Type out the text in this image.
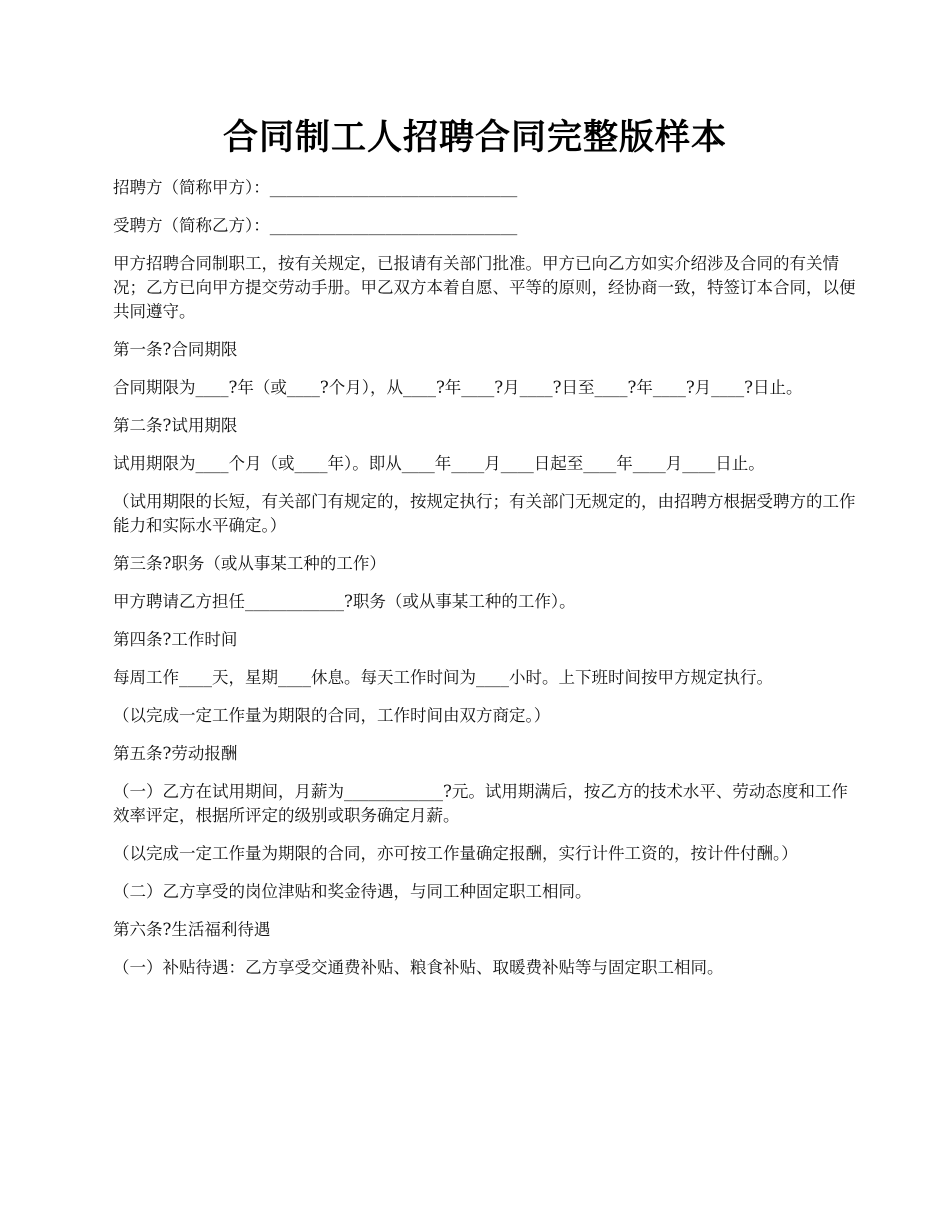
合同制工人招聘合同完整版样本

招聘方（简称甲方）：______________________________

受聘方（简称乙方）：______________________________

甲方招聘合同制职工，按有关规定，已报请有关部门批准。甲方已向乙方如实介绍涉及合同的有关情况；乙方已向甲方提交劳动手册。甲乙双方本着自愿、平等的原则，经协商一致，特签订本合同，以便共同遵守。

第一条?合同期限

合同期限为____?年（或____?个月），从____?年____?月____?日至____?年____?月____?日止。

第二条?试用期限

试用期限为____个月（或____年）。即从____年____月____日起至____年____月____日止。

（试用期限的长短，有关部门有规定的，按规定执行；有关部门无规定的，由招聘方根据受聘方的工作能力和实际水平确定。）

第三条?职务（或从事某工种的工作）

甲方聘请乙方担任____________?职务（或从事某工种的工作）。

第四条?工作时间

每周工作____天，星期____休息。每天工作时间为____小时。上下班时间按甲方规定执行。

（以完成一定工作量为期限的合同，工作时间由双方商定。）

第五条?劳动报酬

（一）乙方在试用期间，月薪为____________?元。试用期满后，按乙方的技术水平、劳动态度和工作效率评定，根据所评定的级别或职务确定月薪。

（以完成一定工作量为期限的合同，亦可按工作量确定报酬，实行计件工资的，按计件付酬。）

（二）乙方享受的岗位津贴和奖金待遇，与同工种固定职工相同。

第六条?生活福利待遇

（一）补贴待遇：乙方享受交通费补贴、粮食补贴、取暖费补贴等与固定职工相同。
